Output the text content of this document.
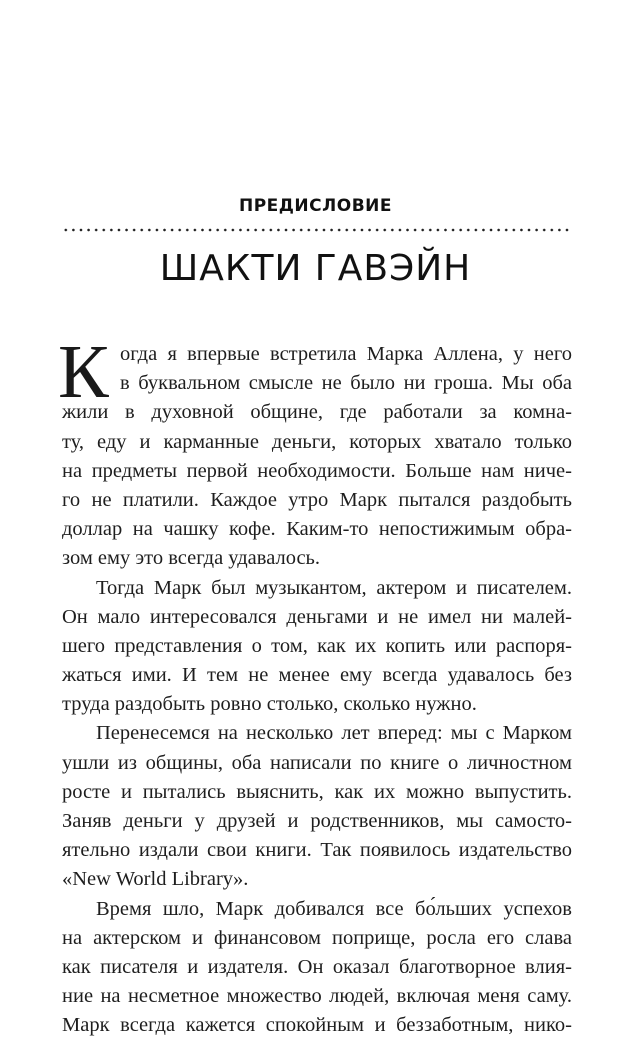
ПРЕДИСЛОВИЕ
ШАКТИ ГАВЭЙН
К огда я впервые встретила Марка Аллена, у него
в буквальном смысле не было ни гроша. Мы оба
жили в духовной общине, где работали за комна-
ту, еду и карманные деньги, которых хватало только
на предметы первой необходимости. Больше нам ниче-
го не платили. Каждое утро Марк пытался раздобыть
доллар на чашку кофе. Каким-то непостижимым обра-
зом ему это всегда удавалось.
Тогда Марк был музыкантом, актером и писателем.
Он мало интересовался деньгами и не имел ни малей-
шего представления о том, как их копить или распоря-
жаться ими. И тем не менее ему всегда удавалось без
труда раздобыть ровно столько, сколько нужно.
Перенесемся на несколько лет вперед: мы с Марком
ушли из общины, оба написали по книге о личностном
росте и пытались выяснить, как их можно выпустить.
Заняв деньги у друзей и родственников, мы самосто-
ятельно издали свои книги. Так появилось издательство
«New World Library».
Время шло, Марк добивался все бо́льших успехов
на актерском и финансовом поприще, росла его слава
как писателя и издателя. Он оказал благотворное влия-
ние на несметное множество людей, включая меня саму.
Марк всегда кажется спокойным и беззаботным, нико-
